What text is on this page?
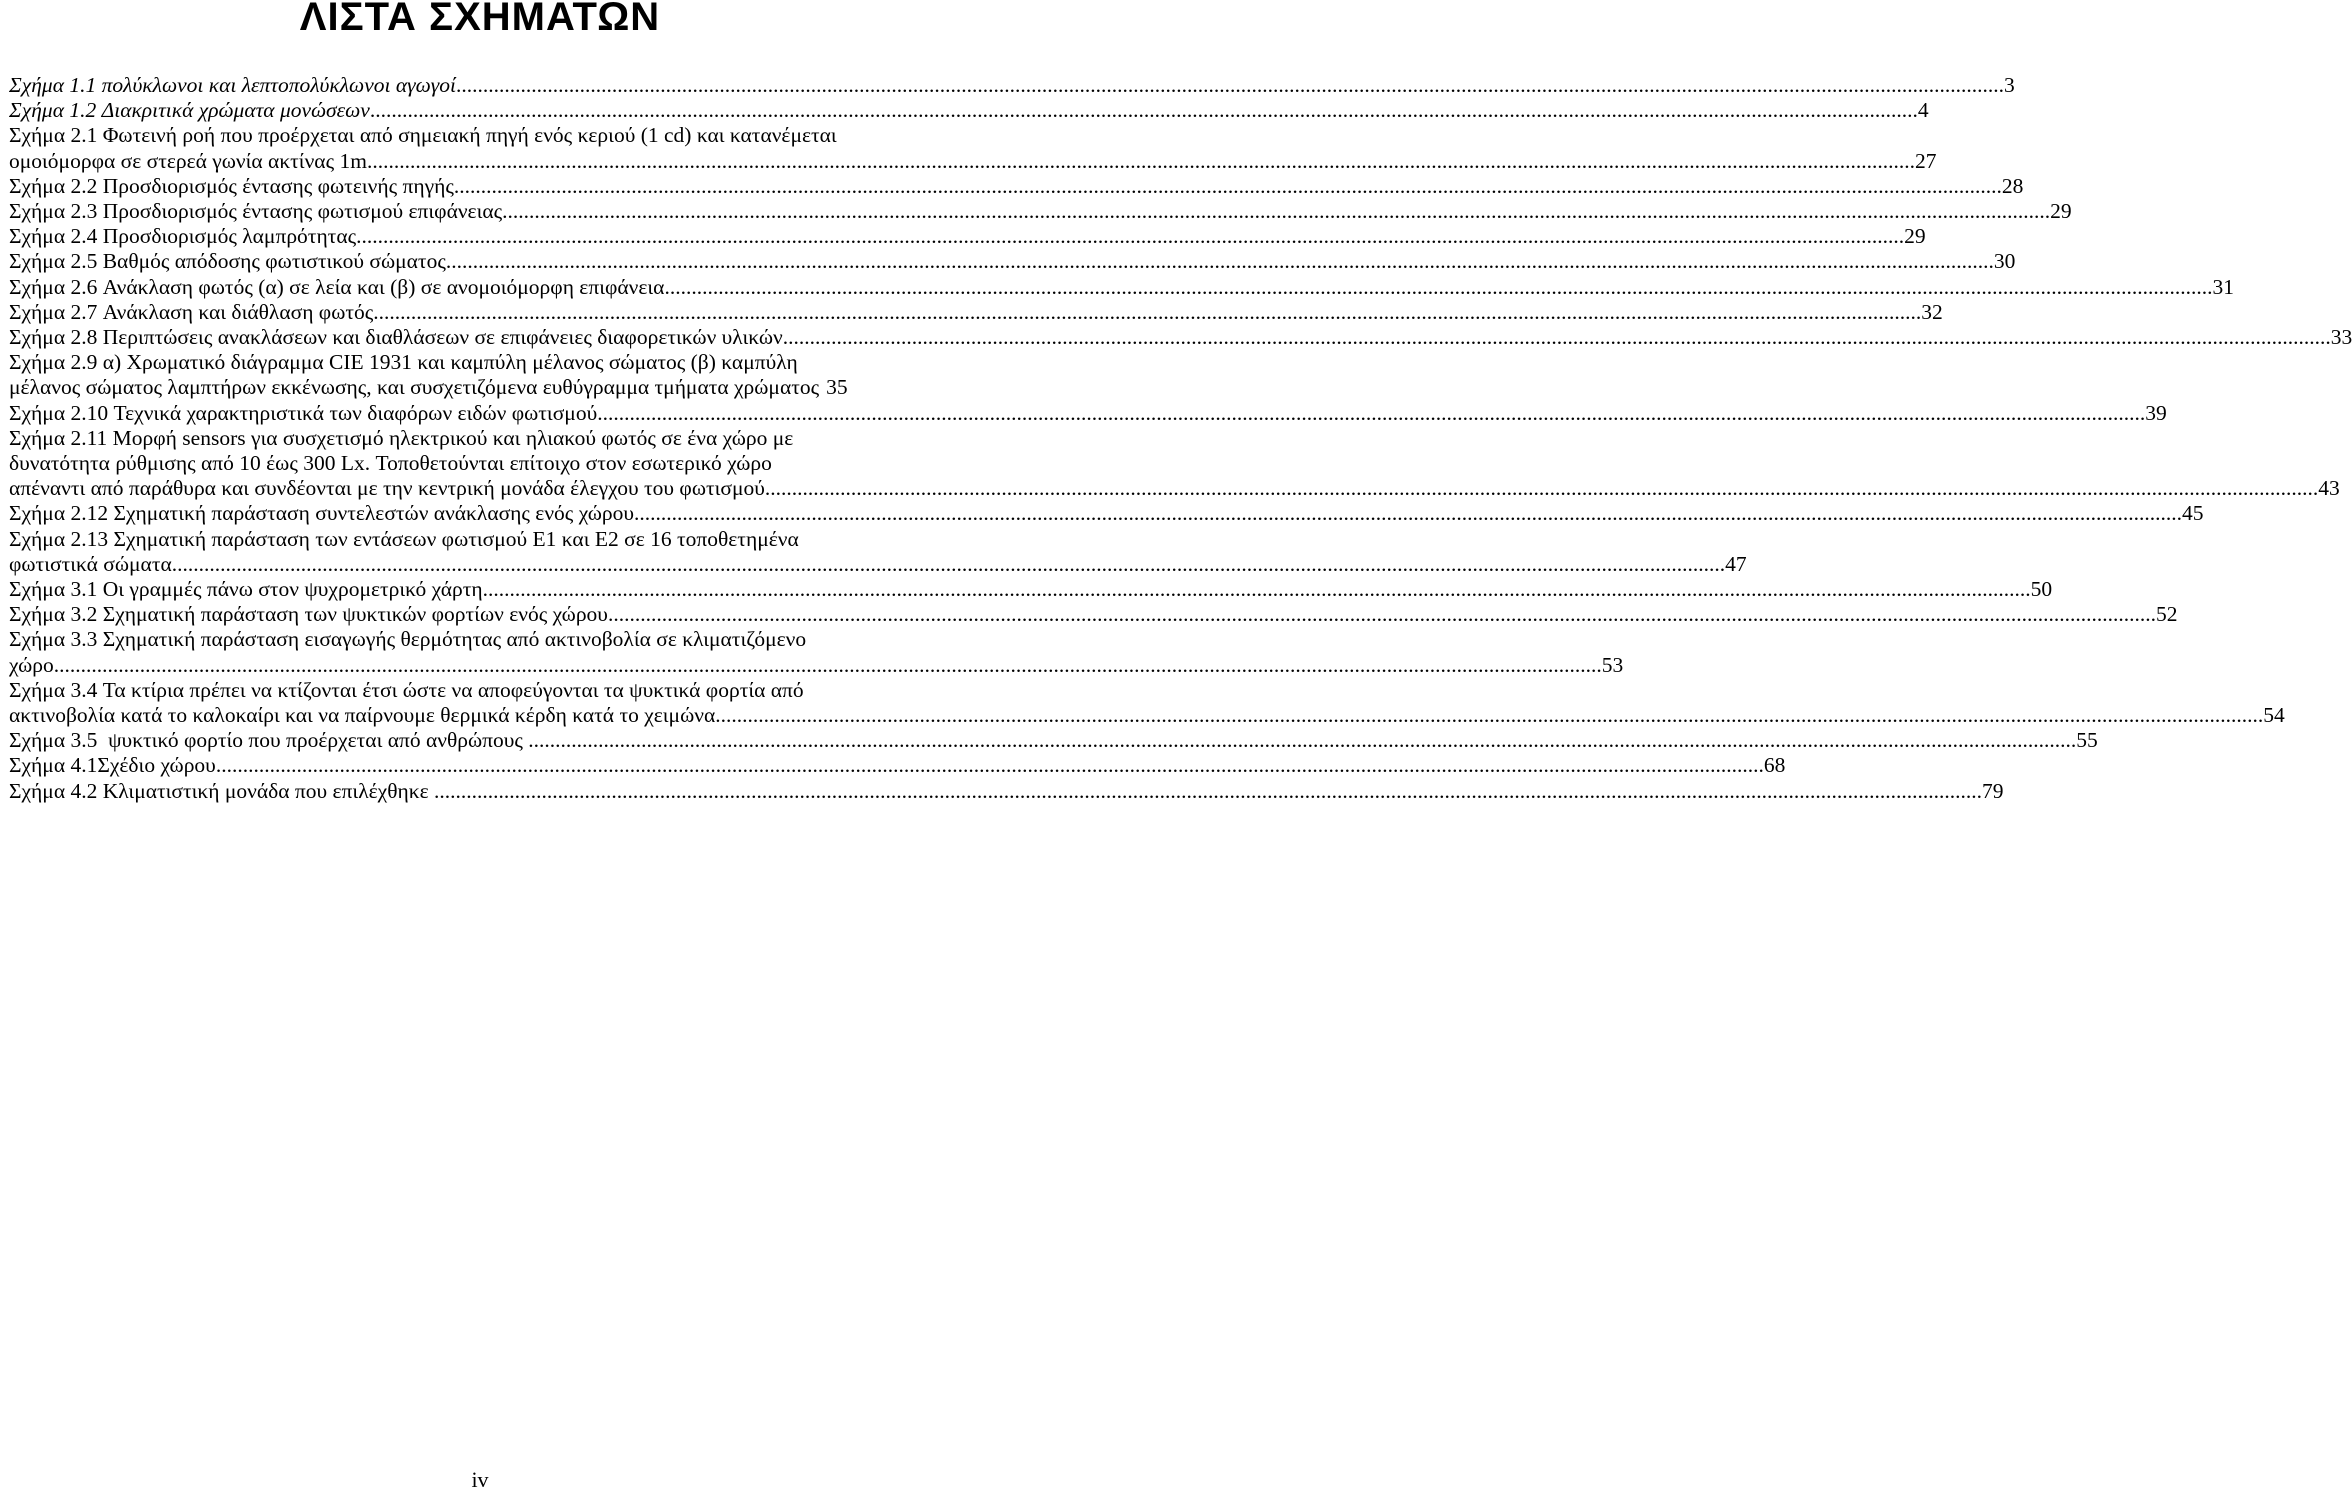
ΛΙΣΤΑ ΣΧΗΜΑΤΩΝ
Σχήμα 1.1 πολύκλωνοι και λεπτοπολύκλωνοι αγωγοί .....	3
Σχήμα 1.2 Διακριτικά χρώματα μονώσεων .....	4
Σχήμα 2.1 Φωτεινή ροή που προέρχεται από σημειακή πηγή ενός κεριού (1 cd) και κατανέμεται
ομοιόμορφα σε στερεά γωνία ακτίνας 1m .....	27
Σχήμα 2.2 Προσδιορισμός έντασης φωτεινής πηγής .....	28
Σχήμα 2.3 Προσδιορισμός έντασης φωτισμού επιφάνειας .....	29
Σχήμα 2.4 Προσδιορισμός λαμπρότητας .....	29
Σχήμα 2.5 Βαθμός απόδοσης φωτιστικού σώματος .....	30
Σχήμα 2.6 Ανάκλαση φωτός (α) σε λεία και (β) σε ανομοιόμορφη επιφάνεια .....	31
Σχήμα 2.7 Ανάκλαση και διάθλαση φωτός .....	32
Σχήμα 2.8 Περιπτώσεις ανακλάσεων και διαθλάσεων σε επιφάνειες διαφορετικών υλικών .....	33
Σχήμα 2.9 α) Χρωματικό διάγραμμα CIE 1931 και καμπύλη μέλανος σώματος (β) καμπύλη
μέλανος σώματος λαμπτήρων εκκένωσης, και συσχετιζόμενα ευθύγραμμα τμήματα χρώματος 35
Σχήμα 2.10 Τεχνικά χαρακτηριστικά των διαφόρων ειδών φωτισμού .....	39
Σχήμα 2.11 Μορφή sensors για συσχετισμό ηλεκτρικού και ηλιακού φωτός σε ένα χώρο με
δυνατότητα ρύθμισης από 10 έως 300 Lx. Τοποθετούνται επίτοιχο στον εσωτερικό χώρο
απέναντι από παράθυρα και συνδέονται με την κεντρική μονάδα έλεγχου του φωτισμού. .....	43
Σχήμα 2.12 Σχηματική παράσταση συντελεστών ανάκλασης ενός χώρου .....	45
Σχήμα 2.13 Σχηματική παράσταση των εντάσεων φωτισμού E1 και E2 σε 16 τοποθετημένα
φωτιστικά σώματα. .....	47
Σχήμα 3.1 Οι γραμμές πάνω στον ψυχρομετρικό χάρτη .....	50
Σχήμα 3.2 Σχηματική παράσταση των ψυκτικών φορτίων ενός χώρου .....	52
Σχήμα 3.3 Σχηματική παράσταση εισαγωγής θερμότητας από ακτινοβολία σε κλιματιζόμενο
χώρο .....	53
Σχήμα 3.4 Τα κτίρια πρέπει να κτίζονται έτσι ώστε να αποφεύγονται τα ψυκτικά φορτία από
ακτινοβολία κατά το καλοκαίρι και να παίρνουμε θερμικά κέρδη κατά το χειμώνα .....	54
Σχήμα 3.5 ψυκτικό φορτίο που προέρχεται από ανθρώπους .....	55
Σχήμα 4.1 Σχέδιο χώρου .....	68
Σχήμα 4.2 Κλιματιστική μονάδα που επιλέχθηκε .....	79
iv
